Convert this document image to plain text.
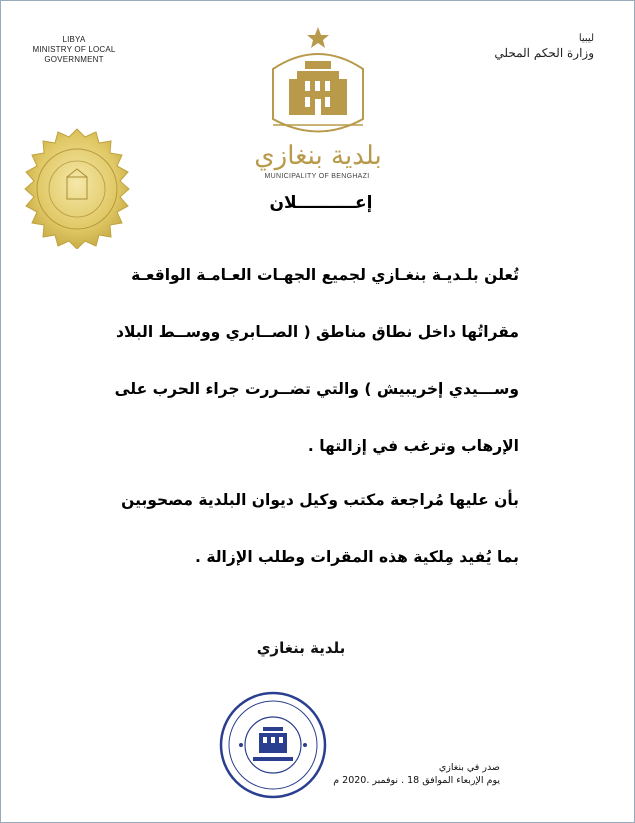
LIBYA
MINISTRY OF LOCAL
GOVERNMENT
ليبيا
وزارة الحكم المحلي
بلدية بنغازي
MUNICIPALITY OF BENGHAZI
إعــــــــــلان

تُعلن بلـديـة بنغـازي لجميع الجهـات العـامـة الواقعـة

مقراتُها داخل نطاق مناطق ( الصــابري ووســط البلاد

وســـيدي إخريبيش ) والتي تضــررت جراء الحرب على

الإرهاب وترغب في إزالتها .

بأن عليها مُراجعة مكتب وكيل ديوان البلدية مصحوبين

بما يُفيد مِلكية هذه المقرات وطلب الإزالة .

بلدية بنغازي
صدر في بنغازي
يوم الإربعاء الموافق 18 . نوفمبر .2020 م
